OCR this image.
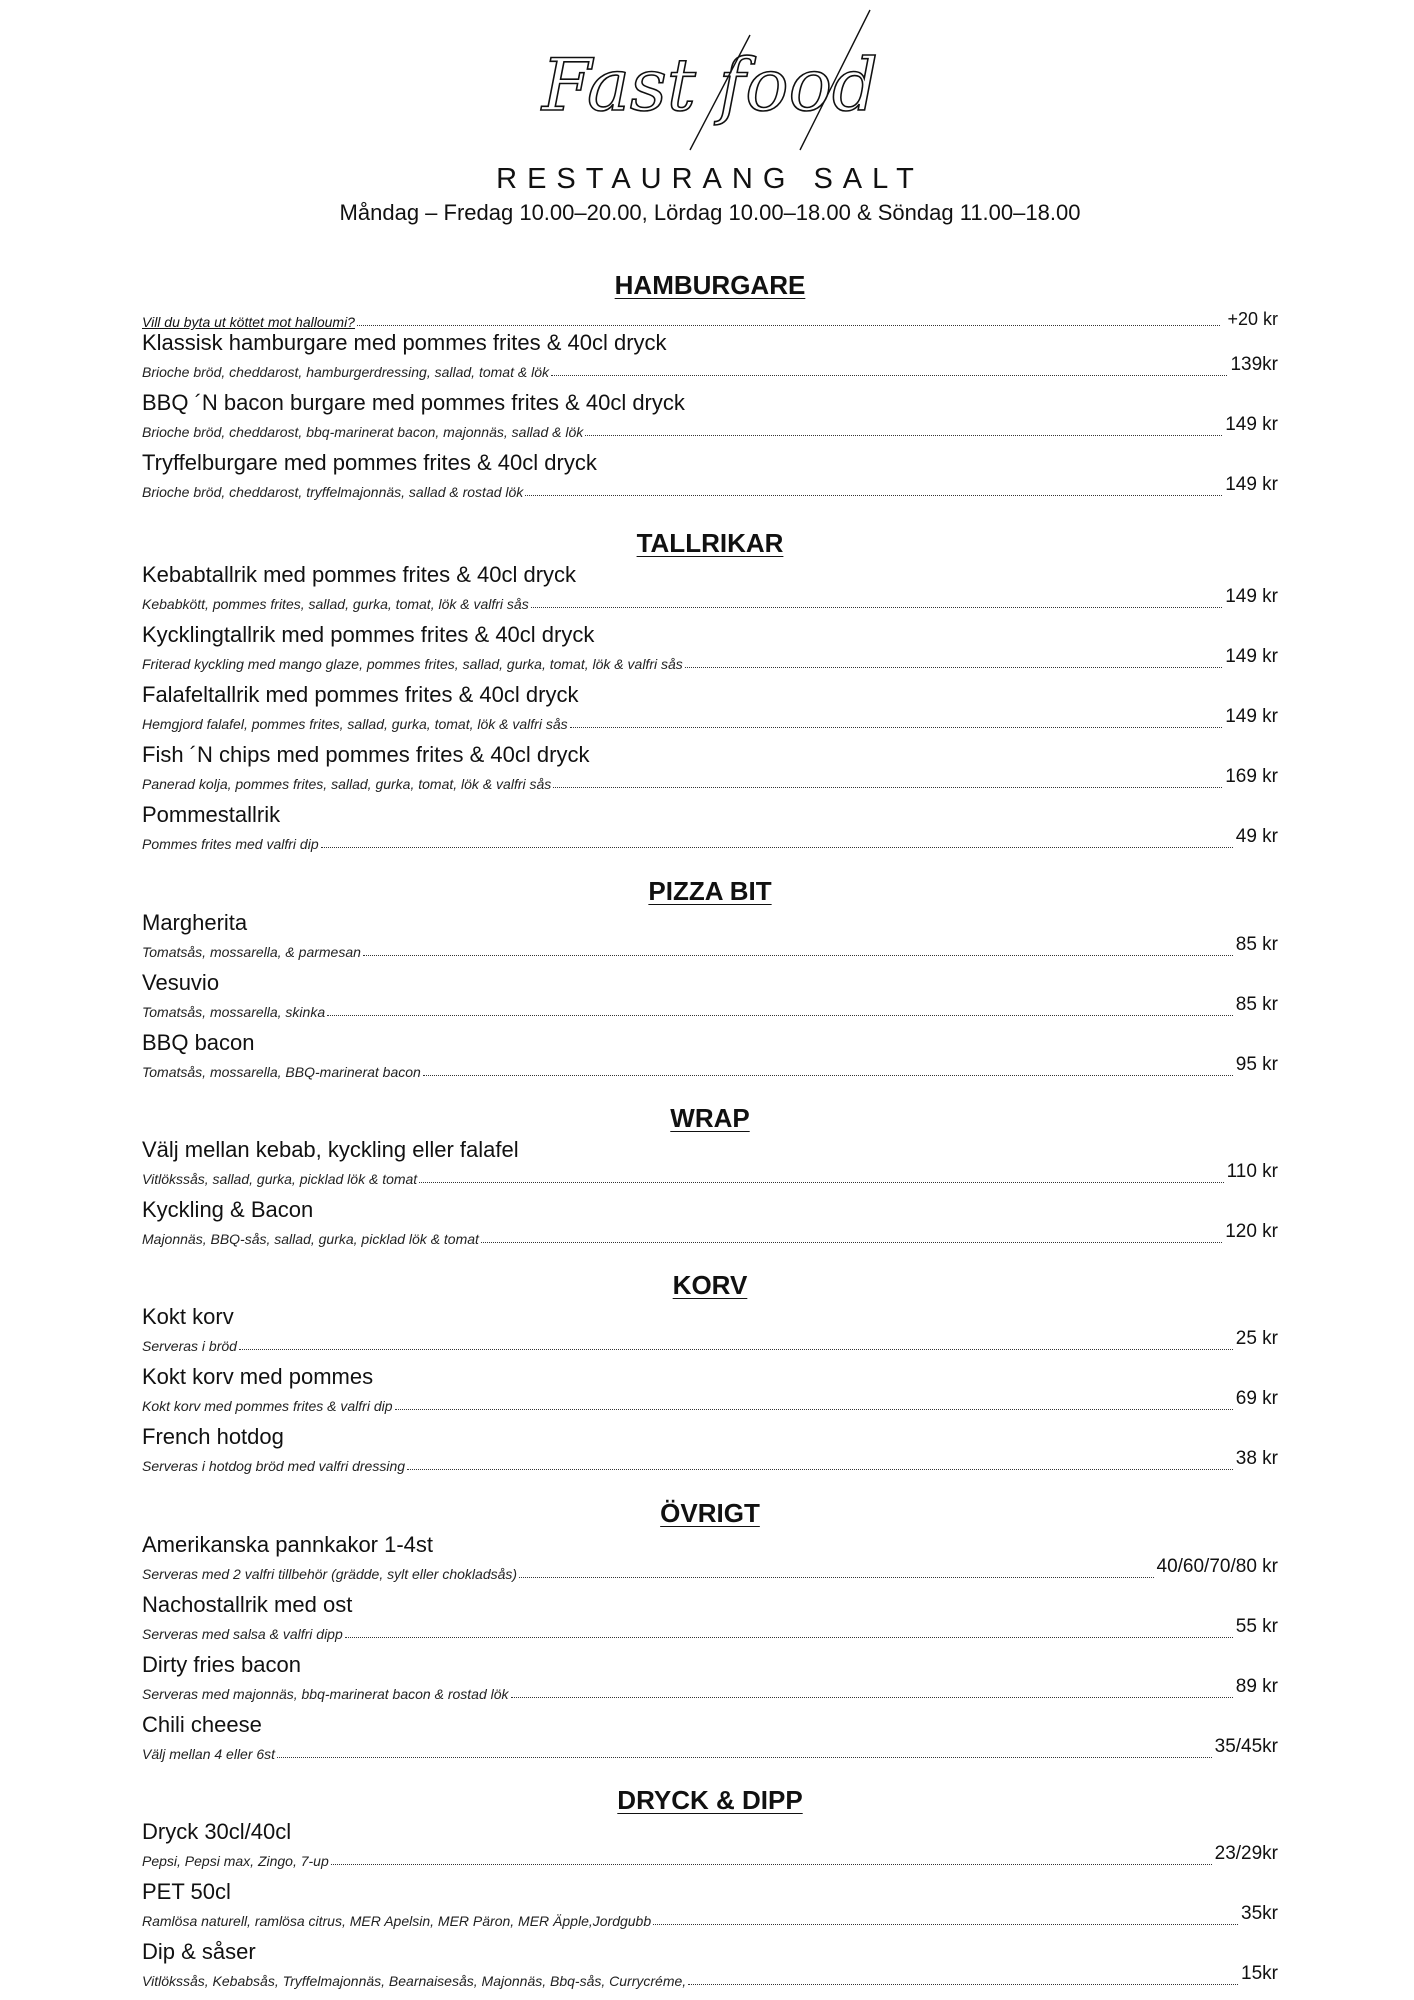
Fast food
RESTAURANG SALT
Måndag – Fredag 10.00–20.00, Lördag 10.00–18.00 & Söndag 11.00–18.00
HAMBURGARE
Vill du byta ut köttet mot halloumi?	+20 kr
Klassisk hamburgare med pommes frites & 40cl dryck
Brioche bröd, cheddarost, hamburgerdressing, sallad, tomat & lök	139kr
BBQ ´N bacon burgare med pommes frites & 40cl dryck
Brioche bröd, cheddarost, bbq-marinerat bacon, majonnäs, sallad & lök	149 kr
Tryffelburgare med pommes frites & 40cl dryck
Brioche bröd, cheddarost, tryffelmajonnäs, sallad & rostad lök	149 kr
TALLRIKAR
Kebabtallrik med pommes frites & 40cl dryck
Kebabkött, pommes frites, sallad, gurka, tomat, lök & valfri sås	149 kr
Kycklingtallrik med pommes frites & 40cl dryck
Friterad kyckling med mango glaze, pommes frites, sallad, gurka, tomat, lök & valfri sås	149 kr
Falafeltallrik med pommes frites & 40cl dryck
Hemgjord falafel, pommes frites, sallad, gurka, tomat, lök & valfri sås	149 kr
Fish ´N chips med pommes frites & 40cl dryck
Panerad kolja, pommes frites, sallad, gurka, tomat, lök & valfri sås	169 kr
Pommestallrik
Pommes frites med valfri dip	49 kr
PIZZA BIT
Margherita
Tomatsås, mossarella, & parmesan	85 kr
Vesuvio
Tomatsås, mossarella, skinka	85 kr
BBQ bacon
Tomatsås, mossarella, BBQ-marinerat bacon	95 kr
WRAP
Välj mellan kebab, kyckling eller falafel
Vitlökssås, sallad, gurka, picklad lök & tomat	110 kr
Kyckling & Bacon
Majonnäs, BBQ-sås, sallad, gurka, picklad lök & tomat	120 kr
KORV
Kokt korv
Serveras i bröd	25 kr
Kokt korv med pommes
Kokt korv med pommes frites & valfri dip	69 kr
French hotdog
Serveras i hotdog bröd med valfri dressing	38 kr
ÖVRIGT
Amerikanska pannkakor 1-4st
Serveras med 2 valfri tillbehör (grädde, sylt eller chokladsås)	40/60/70/80 kr
Nachostallrik med ost
Serveras med salsa & valfri dipp	55 kr
Dirty fries bacon
Serveras med majonnäs, bbq-marinerat bacon & rostad lök	89 kr
Chili cheese
Välj mellan 4 eller 6st	35/45kr
DRYCK & DIPP
Dryck 30cl/40cl
Pepsi, Pepsi max, Zingo, 7-up	23/29kr
PET 50cl
Ramlösa naturell, ramlösa citrus, MER Apelsin, MER Päron, MER Äpple,Jordgubb	35kr
Dip & såser
Vitlökssås, Kebabsås, Tryffelmajonnäs, Bearnaisesås, Majonnäs, Bbq-sås, Currycréme,	15kr
